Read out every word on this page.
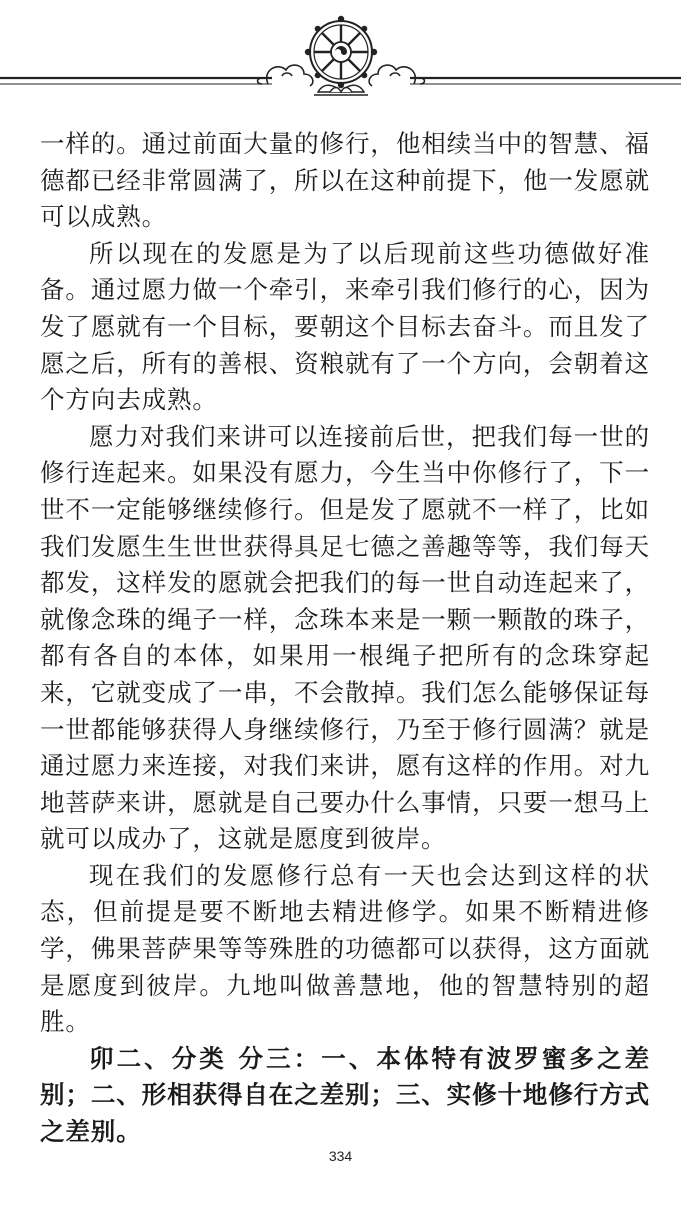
一样的。通过前面大量的修行，他相续当中的智慧、福德都已经非常圆满了，所以在这种前提下，他一发愿就可以成熟。

所以现在的发愿是为了以后现前这些功德做好准备。通过愿力做一个牵引，来牵引我们修行的心，因为发了愿就有一个目标，要朝这个目标去奋斗。而且发了愿之后，所有的善根、资粮就有了一个方向，会朝着这个方向去成熟。

愿力对我们来讲可以连接前后世，把我们每一世的修行连起来。如果没有愿力，今生当中你修行了，下一世不一定能够继续修行。但是发了愿就不一样了，比如我们发愿生生世世获得具足七德之善趣等等，我们每天都发，这样发的愿就会把我们的每一世自动连起来了，就像念珠的绳子一样，念珠本来是一颗一颗散的珠子，都有各自的本体，如果用一根绳子把所有的念珠穿起来，它就变成了一串，不会散掉。我们怎么能够保证每一世都能够获得人身继续修行，乃至于修行圆满？就是通过愿力来连接，对我们来讲，愿有这样的作用。对九地菩萨来讲，愿就是自己要办什么事情，只要一想马上就可以成办了，这就是愿度到彼岸。

现在我们的发愿修行总有一天也会达到这样的状态，但前提是要不断地去精进修学。如果不断精进修学，佛果菩萨果等等殊胜的功德都可以获得，这方面就是愿度到彼岸。九地叫做善慧地，他的智慧特别的超胜。

卯二、分类 分三：一、本体特有波罗蜜多之差别；二、形相获得自在之差别；三、实修十地修行方式之差别。

334
